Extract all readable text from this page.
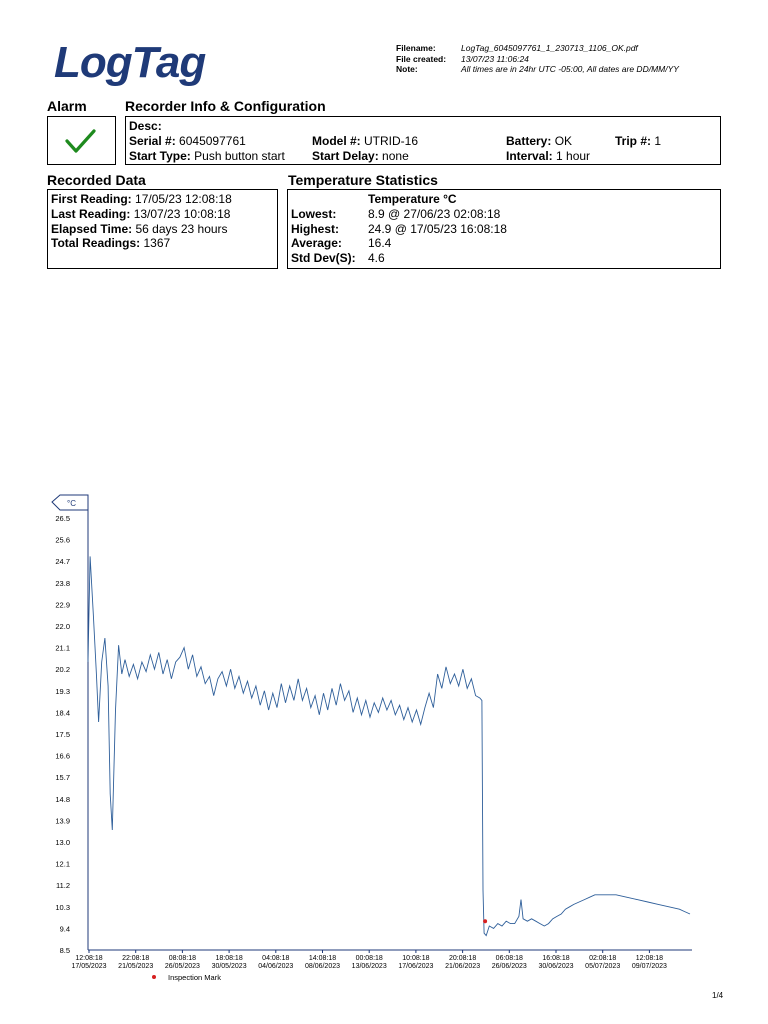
LogTag	Filename:	LogTag_6045097761_1_230713_1106_OK.pdf
File created:	13/07/23 11:06:24
Note:	All times are in 24hr UTC -05:00, All dates are DD/MM/YY
Alarm	Recorder Info & Configuration
Desc:
Serial #: 6045097761	Model #: UTRID-16	Battery: OK	Trip #: 1
Start Type: Push button start Start Delay: none	Interval: 1 hour
Recorded Data
First Reading: 17/05/23 12:08:18
Last Reading: 13/07/23 10:08:18
Elapsed Time: 56 days 23 hours
Total Readings: 1367
Temperature Statistics
Temperature °C
Lowest:	8.9 @ 27/06/23 02:08:18
Highest: 24.9 @ 17/05/23 16:08:18
Average: 16.4
Std Dev(S): 4.6
26.5
25.6
24.7
23.8
22.9
22.0
21.1
20.2
19.3
18.4
17.5
16.6
15.7
14.8
13.9
13.0
12.1
11.2
10.3
9.4
8.5
12:08:18
17/05/2023
22:08:18
21/05/2023
08:08:18
26/05/2023
18:08:18
30/05/2023
04:08:18
04/06/2023
14:08:18
08/06/2023
00:08:18
13/06/2023
10:08:18
17/06/2023
20:08:18
21/06/2023
06:08:18
26/06/2023
16:08:18
30/06/2023
02:08:18
05/07/2023
12:08:18
09/07/2023
°C
Inspection Mark
1/4
